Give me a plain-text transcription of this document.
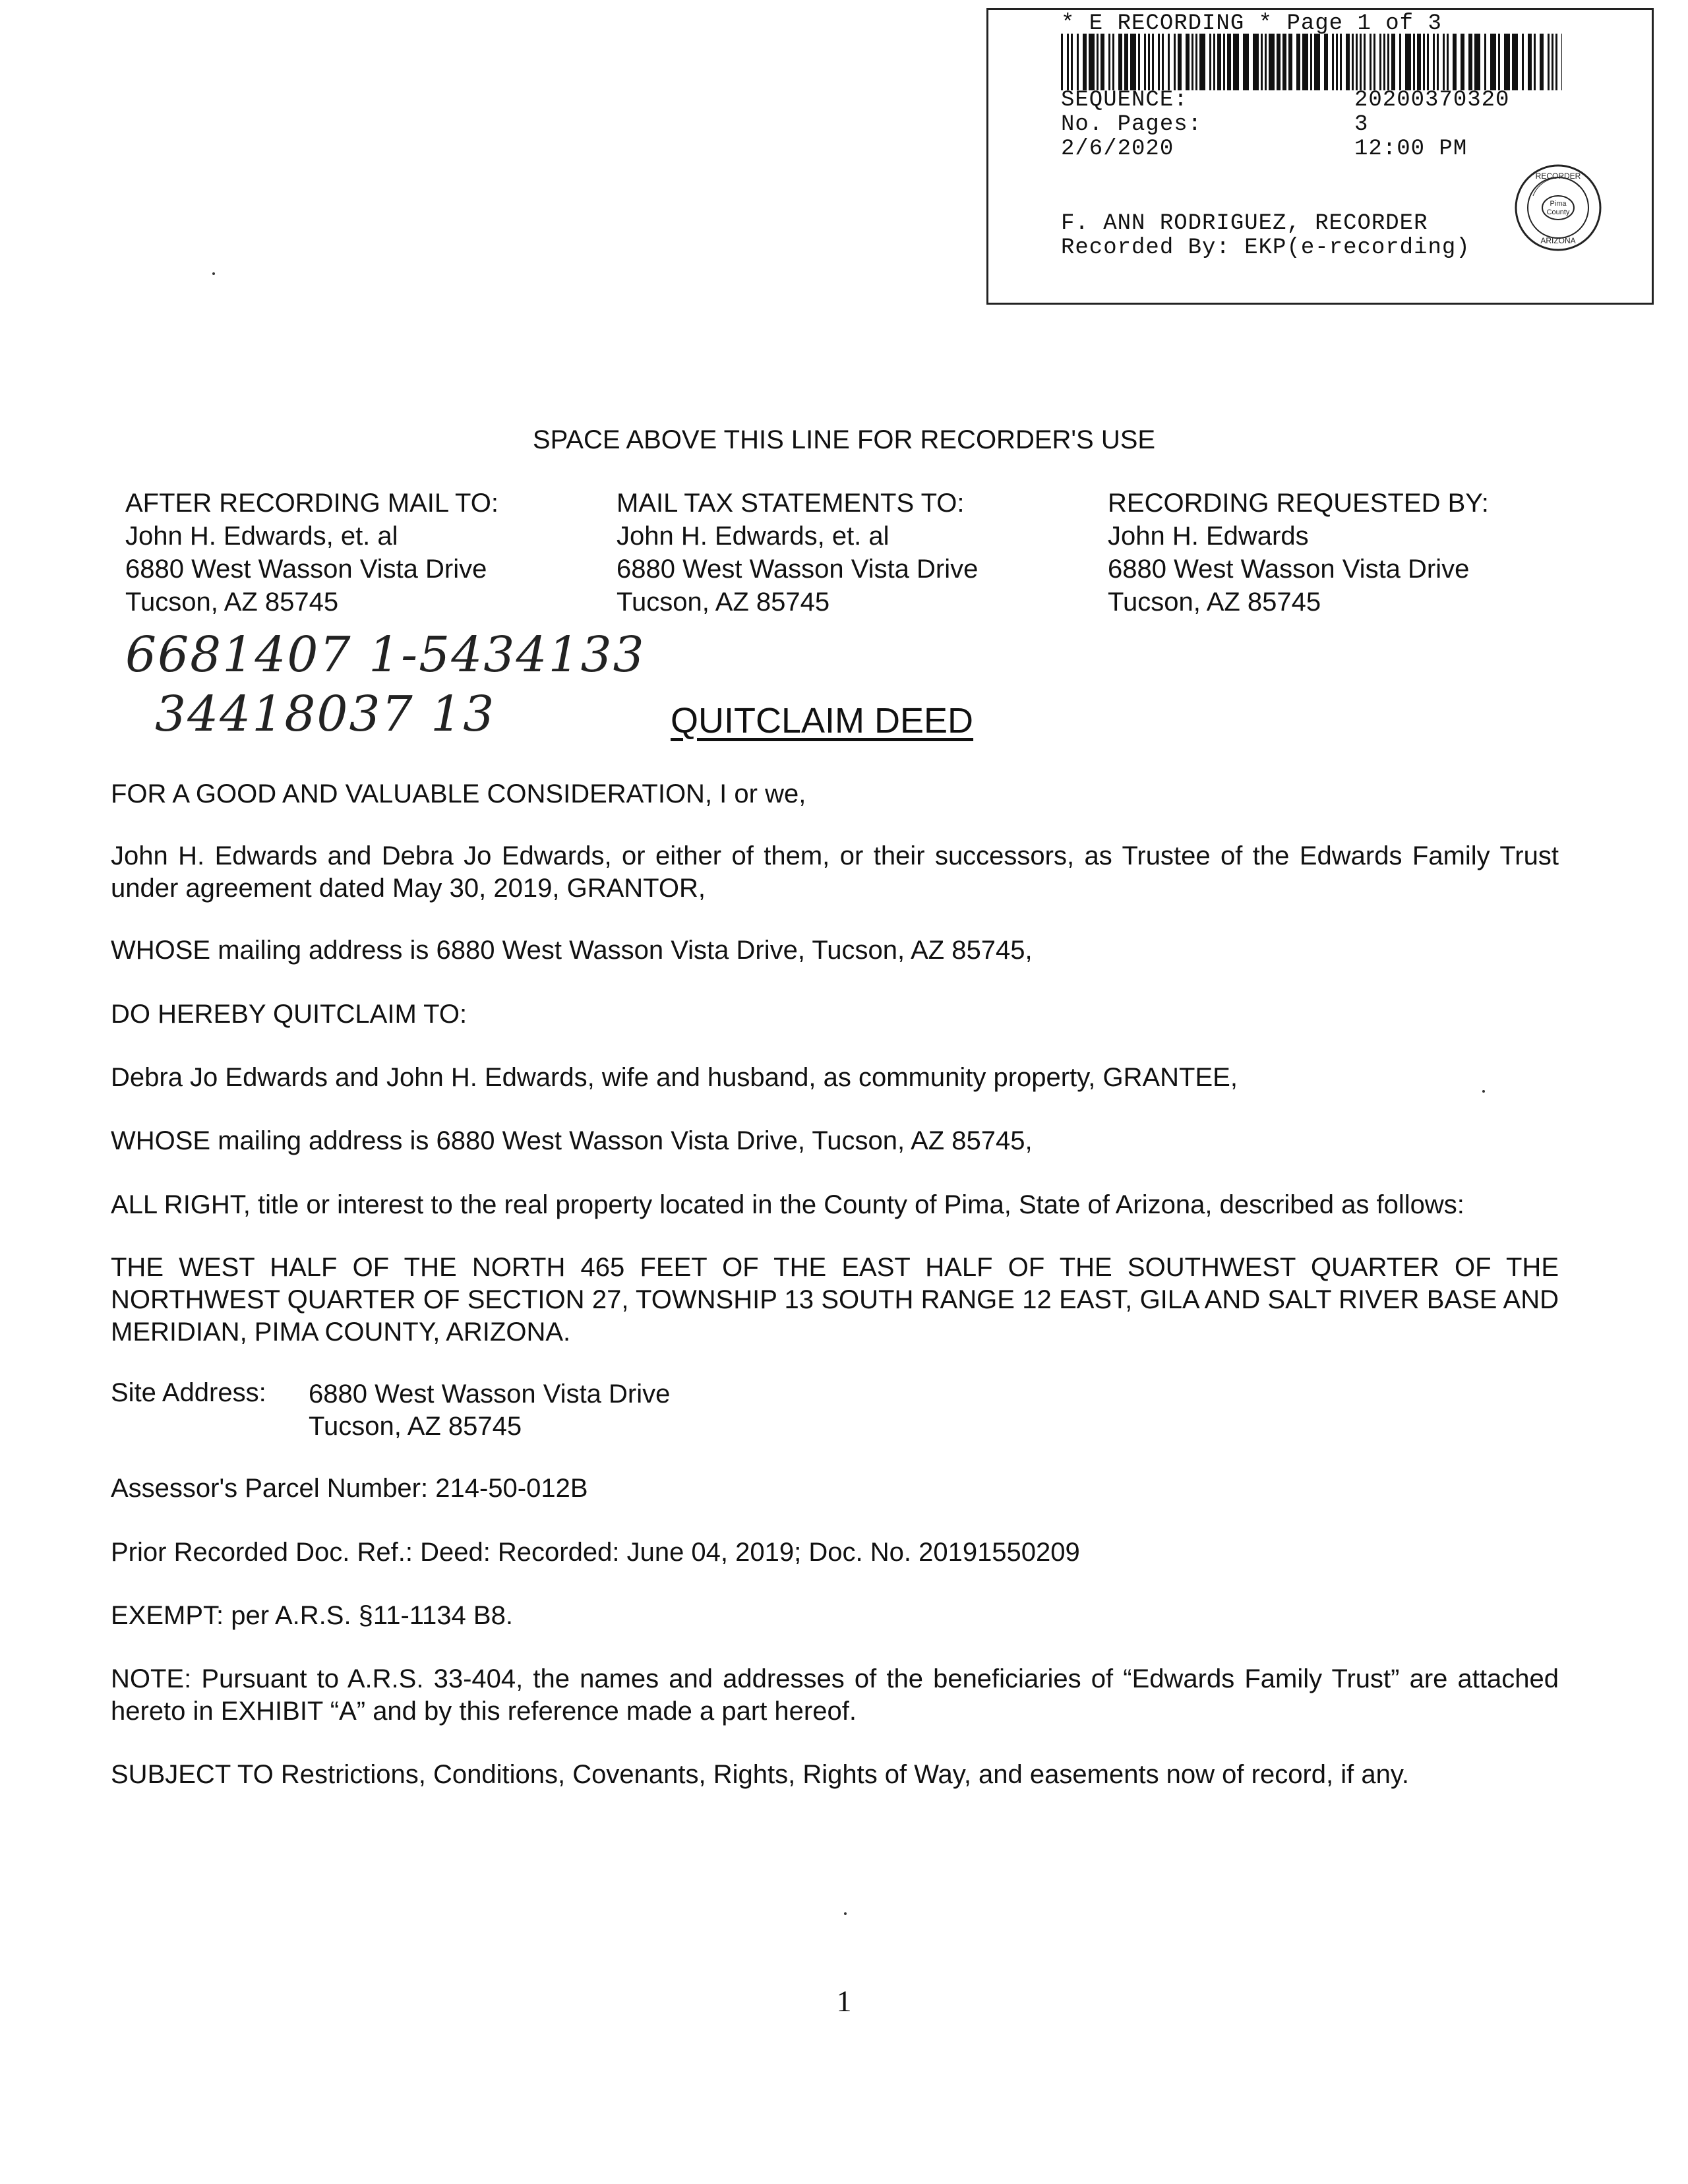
* E RECORDING * Page 1 of 3
SEQUENCE:	20200370320
No. Pages:	3
2/6/2020	12:00 PM
F. ANN RODRIGUEZ, RECORDER
Recorded By: EKP(e-recording)
Pima
County
RECORDER
ARIZONA
SPACE ABOVE THIS LINE FOR RECORDER'S USE
AFTER RECORDING MAIL TO:
John H. Edwards, et. al
6880 West Wasson Vista Drive
Tucson, AZ 85745
MAIL TAX STATEMENTS TO:
John H. Edwards, et. al
6880 West Wasson Vista Drive
Tucson, AZ 85745
RECORDING REQUESTED BY:
John H. Edwards
6880 West Wasson Vista Drive
Tucson, AZ 85745
6681407 1-5434133
34418037 13	QUITCLAIM DEED
FOR A GOOD AND VALUABLE CONSIDERATION, I or we,
John H. Edwards and Debra Jo Edwards, or either of them, or their successors, as Trustee of the Edwards Family Trust under agreement dated May 30, 2019, GRANTOR,
WHOSE mailing address is 6880 West Wasson Vista Drive, Tucson, AZ 85745,
DO HEREBY QUITCLAIM TO:
Debra Jo Edwards and John H. Edwards, wife and husband, as community property, GRANTEE,
WHOSE mailing address is 6880 West Wasson Vista Drive, Tucson, AZ 85745,
ALL RIGHT, title or interest to the real property located in the County of Pima, State of Arizona, described as follows:
THE WEST HALF OF THE NORTH 465 FEET OF THE EAST HALF OF THE SOUTHWEST QUARTER OF THE NORTHWEST QUARTER OF SECTION 27, TOWNSHIP 13 SOUTH RANGE 12 EAST, GILA AND SALT RIVER BASE AND MERIDIAN, PIMA COUNTY, ARIZONA.
Site Address: 6880 West Wasson Vista Drive
Tucson, AZ 85745
Assessor's Parcel Number: 214-50-012B
Prior Recorded Doc. Ref.: Deed: Recorded: June 04, 2019; Doc. No. 20191550209
EXEMPT: per A.R.S. §11-1134 B8.
NOTE: Pursuant to A.R.S. 33-404, the names and addresses of the beneficiaries of “Edwards Family Trust” are attached hereto in EXHIBIT “A” and by this reference made a part hereof.
SUBJECT TO Restrictions, Conditions, Covenants, Rights, Rights of Way, and easements now of record, if any.
1
